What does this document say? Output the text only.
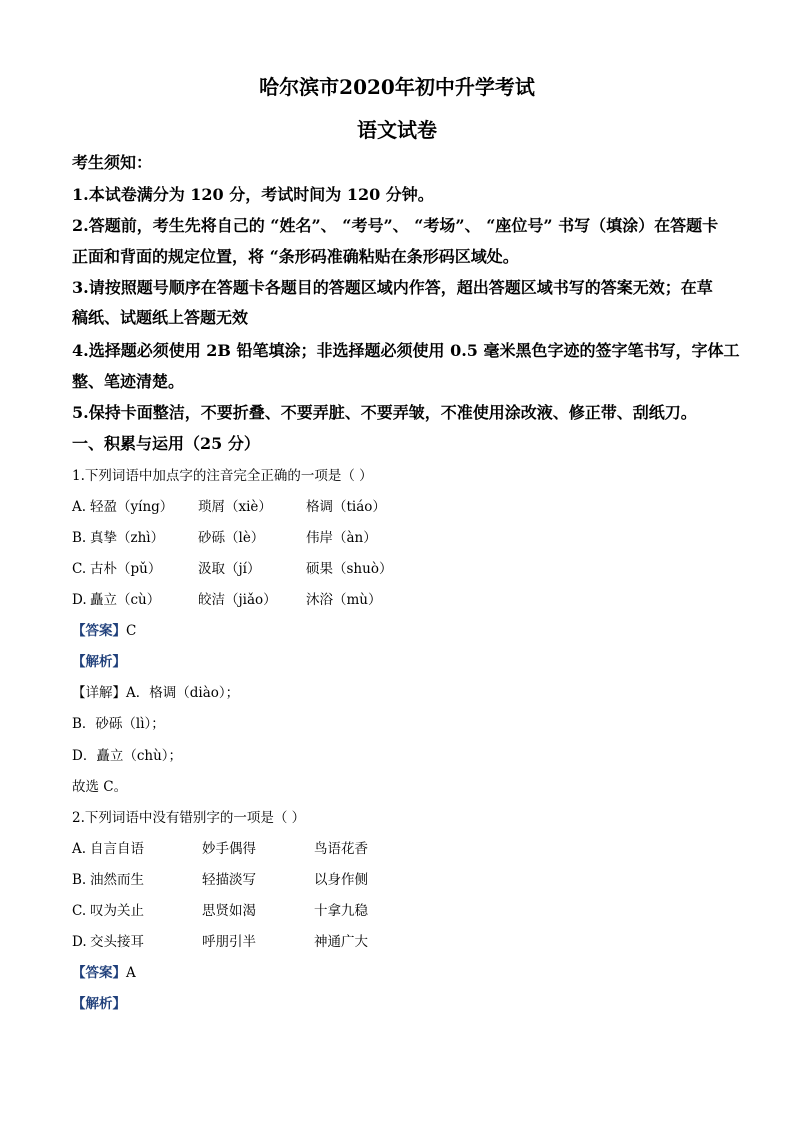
哈尔滨市2020年初中升学考试
语文试卷
考生须知：
1.本试卷满分为 120 分，考试时间为 120 分钟。
2.答题前，考生先将自己的 “姓名”、 “考号”、 “考场”、 “座位号” 书写（填涂）在答题卡
正面和背面的规定位置，将 “条形码准确粘贴在条形码区域处。
3.请按照题号顺序在答题卡各题目的答题区域内作答，超出答题区域书写的答案无效；在草
稿纸、试题纸上答题无效
4.选择题必须使用 2B 铅笔填涂；非选择题必须使用 0.5 毫米黑色字迹的签字笔书写，字体工
整、笔迹清楚。
5.保持卡面整洁，不要折叠、不要弄脏、不要弄皱，不准使用涂改液、修正带、刮纸刀。
一、积累与运用（25 分）
1.下列词语中加点字的注音完全正确的一项是（ ）
A. 轻盈（yíng） 琐屑（xiè）	格调（tiáo）
B. 真挚（zhì）	砂砾（lè）	伟岸（àn）
C. 古朴（pǔ）	汲取（jí）	硕果（shuò）
D. 矗立（cù）	皎洁（jiǎo） 沐浴（mù）
【答案】C
【解析】
【详解】A．格调（diào）；
B．砂砾（lì）；
D．矗立（chù）；
故选 C。
2.下列词语中没有错别字的一项是（ ）
A. 自言自语	妙手偶得	鸟语花香
B. 油然而生	轻描淡写	以身作侧
C. 叹为关止	思贤如渴	十拿九稳
D. 交头接耳	呼朋引半	神通广大
【答案】A
【解析】
